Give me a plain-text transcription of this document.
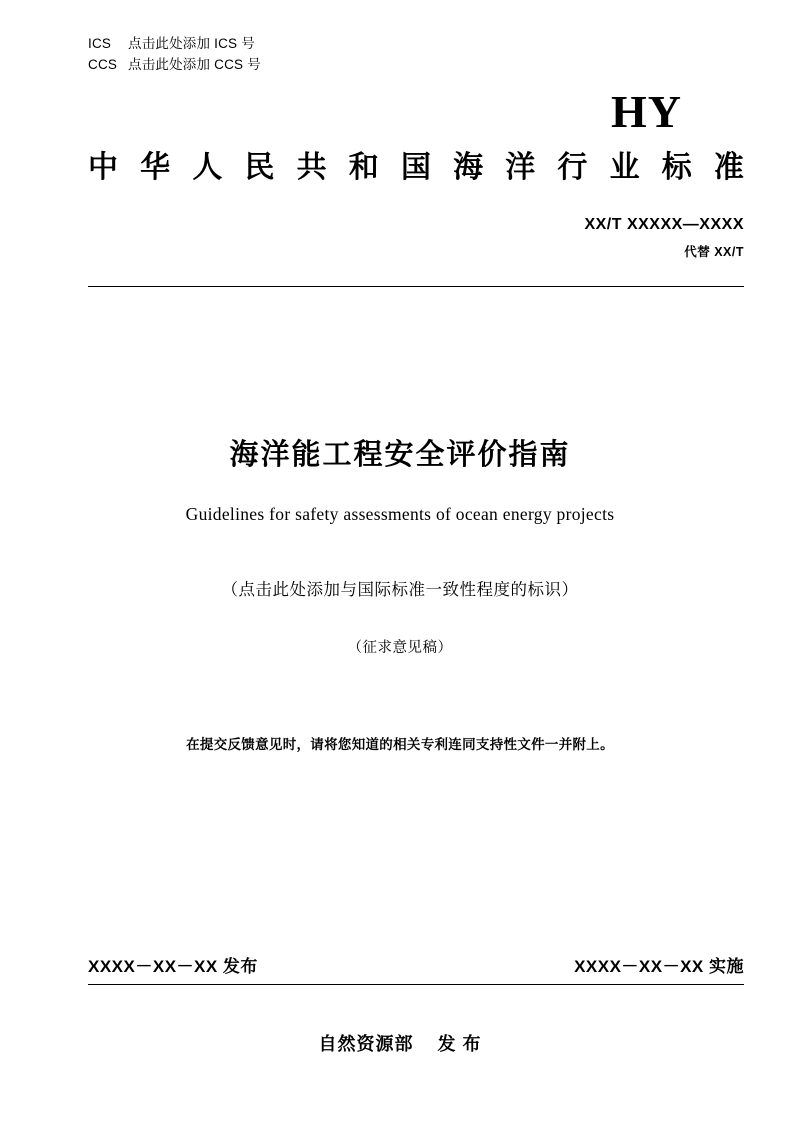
ICS 点击此处添加 ICS 号
CCS 点击此处添加 CCS 号
HY
中 华 人 民 共 和 国 海 洋 行 业 标 准
XX/T XXXXX—XXXX
代替 XX/T
海洋能工程安全评价指南
Guidelines for safety assessments of ocean energy projects
（点击此处添加与国际标准一致性程度的标识）
（征求意见稿）
在提交反馈意见时，请将您知道的相关专利连同支持性文件一并附上。
XXXX－XX－XX 发布	XXXX－XX－XX 实施
自然资源部 发 布
